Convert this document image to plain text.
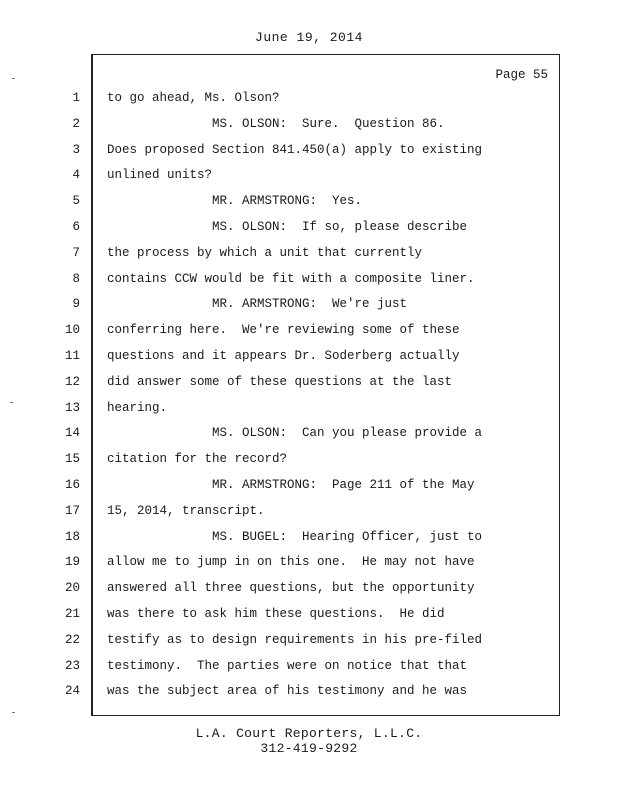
June 19, 2014
Page 55
1
2
3
4
5
6
7
8
9
10
11
12
13
14
15
16
17
18
19
20
21
22
23
24
to go ahead, Ms. Olson?
MS. OLSON:  Sure.  Question 86.
Does proposed Section 841.450(a) apply to existing
unlined units?
MR. ARMSTRONG:  Yes.
MS. OLSON:  If so, please describe
the process by which a unit that currently
contains CCW would be fit with a composite liner.
MR. ARMSTRONG:  We're just
conferring here.  We're reviewing some of these
questions and it appears Dr. Soderberg actually
did answer some of these questions at the last
hearing.
MS. OLSON:  Can you please provide a
citation for the record?
MR. ARMSTRONG:  Page 211 of the May
15, 2014, transcript.
MS. BUGEL:  Hearing Officer, just to
allow me to jump in on this one.  He may not have
answered all three questions, but the opportunity
was there to ask him these questions.  He did
testify as to design requirements in his pre-filed
testimony.  The parties were on notice that that
was the subject area of his testimony and he was
L.A. Court Reporters, L.L.C.
312-419-9292
